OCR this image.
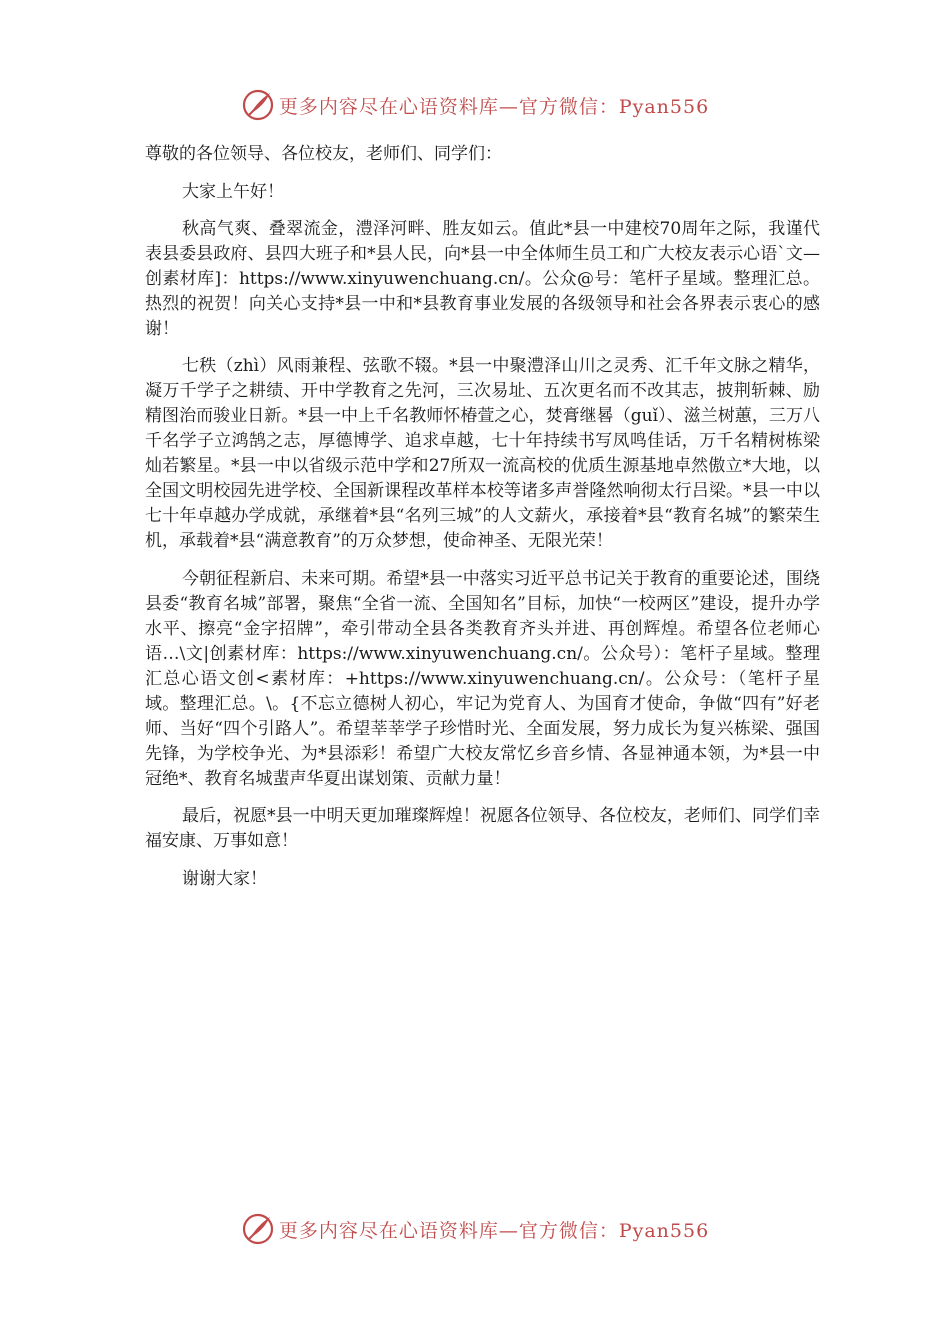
更多内容尽在心语资料库—官方微信：Pyan556

尊敬的各位领导、各位校友，老师们、同学们：

大家上午好！

秋高气爽、叠翠流金，澧泽河畔、胜友如云。值此*县一中建校70周年之际，我谨代表县委县政府、县四大班子和*县人民，向*县一中全体师生员工和广大校友表示心语`文—创素材库]：https://www.xinyuwenchuang.cn/。公众@号：笔杆子星域。整理汇总。热烈的祝贺！向关心支持*县一中和*县教育事业发展的各级领导和社会各界表示衷心的感谢！

七秩（zhì）风雨兼程、弦歌不辍。*县一中聚澧泽山川之灵秀、汇千年文脉之精华，凝万千学子之耕绩、开中学教育之先河，三次易址、五次更名而不改其志，披荆斩棘、励精图治而骏业日新。*县一中上千名教师怀椿萱之心，焚膏继晷（guǐ）、滋兰树蕙，三万八千名学子立鸿鹄之志，厚德博学、追求卓越，七十年持续书写凤鸣佳话，万千名精树栋梁灿若繁星。*县一中以省级示范中学和27所双一流高校的优质生源基地卓然傲立*大地，以全国文明校园先进学校、全国新课程改革样本校等诸多声誉隆然响彻太行吕梁。*县一中以七十年卓越办学成就，承继着*县“名列三城”的人文薪火，承接着*县“教育名城”的繁荣生机，承载着*县“满意教育”的万众梦想，使命神圣、无限光荣！

今朝征程新启、未来可期。希望*县一中落实习近平总书记关于教育的重要论述，围绕县委“教育名城”部署，聚焦“全省一流、全国知名”目标，加快“一校两区”建设，提升办学水平、擦亮“金字招牌”，牵引带动全县各类教育齐头并进、再创辉煌。希望各位老师心语…\文|创素材库：https://www.xinyuwenchuang.cn/。公众号）：笔杆子星域。整理汇总心语文创<素材库：+https://www.xinyuwenchuang.cn/。公众号：（笔杆子星域。整理汇总。\。{不忘立德树人初心，牢记为党育人、为国育才使命，争做“四有”好老师、当好“四个引路人”。希望莘莘学子珍惜时光、全面发展，努力成长为复兴栋梁、强国先锋，为学校争光、为*县添彩！希望广大校友常忆乡音乡情、各显神通本领，为*县一中冠绝*、教育名城蜚声华夏出谋划策、贡献力量！

最后，祝愿*县一中明天更加璀璨辉煌！祝愿各位领导、各位校友，老师们、同学们幸福安康、万事如意！

谢谢大家！

更多内容尽在心语资料库—官方微信：Pyan556
